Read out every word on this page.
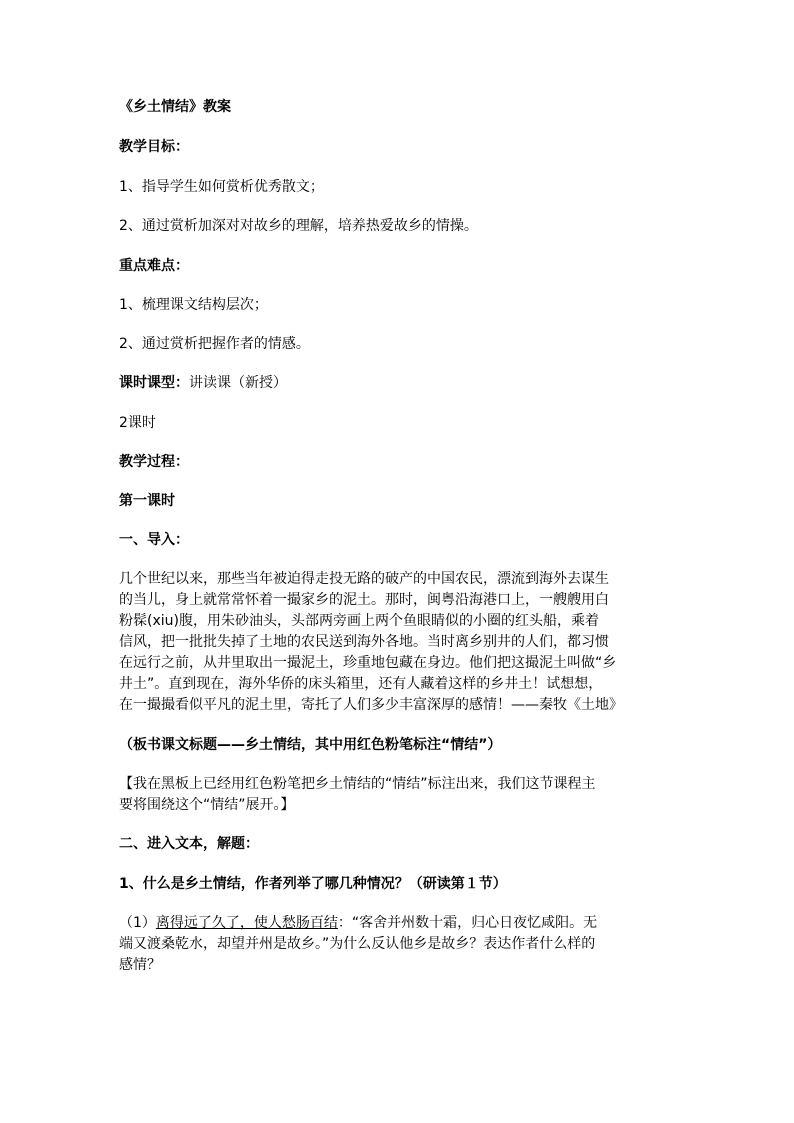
《乡土情结》教案
教学目标：
1、指导学生如何赏析优秀散文；
2、通过赏析加深对对故乡的理解，培养热爱故乡的情操。
重点难点：
1、梳理课文结构层次；
2、通过赏析把握作者的情感。
课时课型：讲读课（新授）
2课时
教学过程：
第一课时
一、导入：
几个世纪以来，那些当年被迫得走投无路的破产的中国农民，漂流到海外去谋生
的当儿，身上就常常怀着一撮家乡的泥土。那时，闽粤沿海港口上，一艘艘用白
粉髹(xiu)腹，用朱砂油头，头部两旁画上两个鱼眼睛似的小圈的红头船，乘着
信风，把一批批失掉了土地的农民送到海外各地。当时离乡别井的人们，都习惯
在远行之前，从井里取出一撮泥土，珍重地包藏在身边。他们把这撮泥土叫做“乡
井土”。直到现在，海外华侨的床头箱里，还有人藏着这样的乡井土！试想想，
在一撮撮看似平凡的泥土里，寄托了人们多少丰富深厚的感情！——秦牧《土地》
（板书课文标题——乡土情结，其中用红色粉笔标注“情结”）
【我在黑板上已经用红色粉笔把乡土情结的“情结”标注出来，我们这节课程主
要将围绕这个“情结”展开。】
二、进入文本，解题：
1、什么是乡土情结，作者列举了哪几种情况？（研读第１节）
（1）离得远了久了，使人愁肠百结：“客舍并州数十霜，归心日夜忆咸阳。无
端又渡桑乾水，却望并州是故乡。”为什么反认他乡是故乡？表达作者什么样的
感情？
